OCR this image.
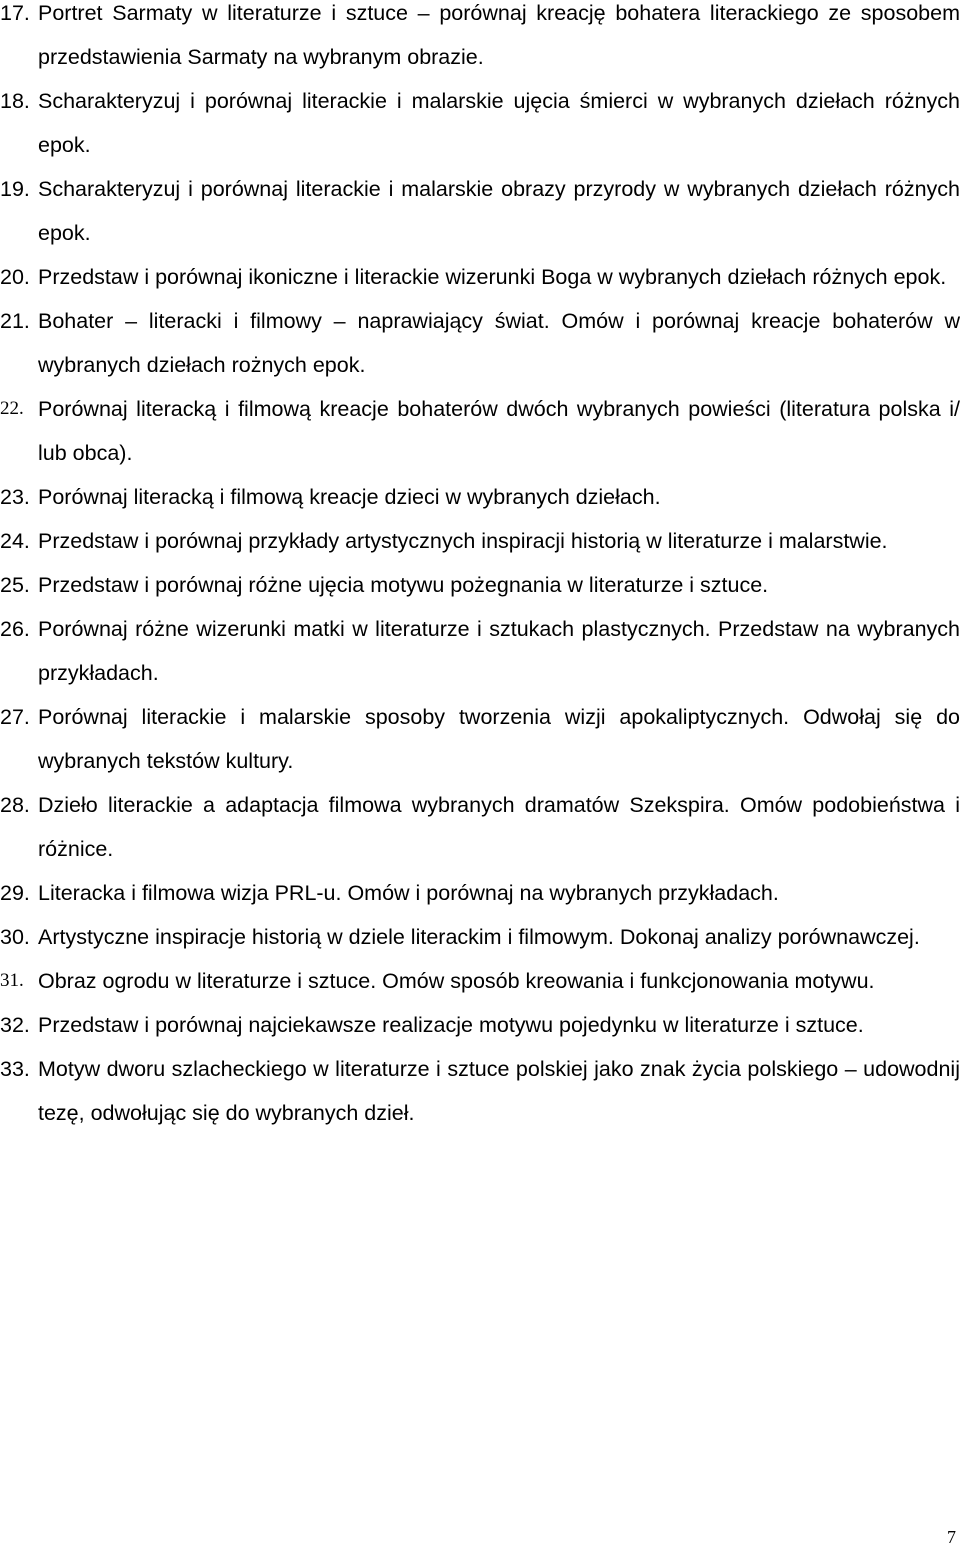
17. Portret Sarmaty w literaturze i sztuce – porównaj kreację bohatera literackiego ze sposobem przedstawienia Sarmaty na wybranym obrazie.
18. Scharakteryzuj i porównaj literackie i malarskie ujęcia śmierci w wybranych dziełach różnych epok.
19. Scharakteryzuj i porównaj literackie i malarskie obrazy przyrody w wybranych dziełach różnych epok.
20. Przedstaw i porównaj ikoniczne i literackie wizerunki Boga w wybranych dziełach różnych epok.
21. Bohater – literacki i filmowy – naprawiający świat. Omów i porównaj kreacje bohaterów w wybranych dziełach rożnych epok.
22. Porównaj literacką i filmową kreacje bohaterów dwóch wybranych powieści (literatura polska i/ lub obca).
23. Porównaj literacką i filmową kreacje dzieci w wybranych dziełach.
24. Przedstaw i porównaj przykłady artystycznych inspiracji historią w literaturze i malarstwie.
25. Przedstaw i porównaj różne ujęcia motywu pożegnania w literaturze i sztuce.
26. Porównaj różne wizerunki matki w literaturze i sztukach plastycznych. Przedstaw na wybranych przykładach.
27. Porównaj literackie i malarskie sposoby tworzenia wizji apokaliptycznych. Odwołaj się do wybranych tekstów kultury.
28. Dzieło literackie a adaptacja filmowa wybranych dramatów Szekspira. Omów podobieństwa i różnice.
29. Literacka i filmowa wizja PRL-u. Omów i porównaj na wybranych przykładach.
30. Artystyczne inspiracje historią w dziele literackim i filmowym. Dokonaj analizy porównawczej.
31. Obraz ogrodu w literaturze i sztuce. Omów sposób kreowania i funkcjonowania motywu.
32. Przedstaw i porównaj najciekawsze realizacje motywu pojedynku w literaturze i sztuce.
33. Motyw dworu szlacheckiego w literaturze i sztuce polskiej jako znak życia polskiego – udowodnij tezę, odwołując się do wybranych dzieł.
7
